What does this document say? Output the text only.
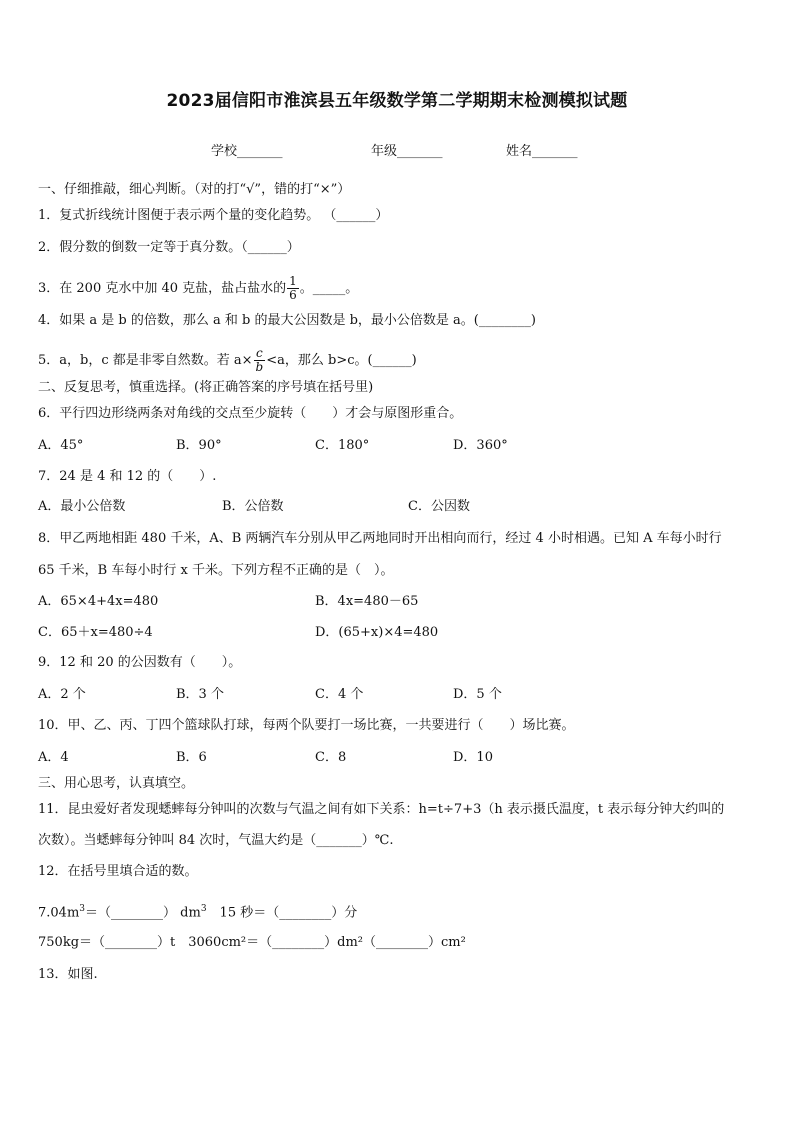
2023届信阳市淮滨县五年级数学第二学期期末检测模拟试题
学校_______	年级_______	姓名_______
一、仔细推敲，细心判断。（对的打“√”，错的打“×”）
1．复式折线统计图便于表示两个量的变化趋势。 （______）
2．假分数的倒数一定等于真分数。（______）
3．在 200 克水中加 40 克盐，盐占盐水的 $\frac{1}{6}$ 。_____。
4．如果 a 是 b 的倍数，那么 a 和 b 的最大公因数是 b，最小公倍数是 a。(________)
5．a，b，c 都是非零自然数。若 $a\times \frac{c}{b} <a$，那么 b>c。(______)
二、反复思考，慎重选择。(将正确答案的序号填在括号里)
6．平行四边形绕两条对角线的交点至少旋转（　　）才会与原图形重合。
A．45°	B．90°	C．180°	D．360°
7．24 是 4 和 12 的（　　）.
A．最小公倍数	B．公倍数	C．公因数
8．甲乙两地相距 480 千米，A、B 两辆汽车分别从甲乙两地同时开出相向而行，经过 4 小时相遇。已知 A 车每小时行
65 千米，B 车每小时行 x 千米。下列方程不正确的是（　）。
A．65×4+4x=480	B．4x=480－65
C．65＋x=480÷4	D．(65+x)×4=480
9．12 和 20 的公因数有（　　）。
A．2 个	B．3 个	C．4 个	D．5 个
10．甲、乙、丙、丁四个篮球队打球，每两个队要打一场比赛，一共要进行（　　）场比赛。
A．4	B．6	C．8	D．10
三、用心思考，认真填空。
11．昆虫爱好者发现蟋蟀每分钟叫的次数与气温之间有如下关系：h=t÷7+3（h 表示摄氏温度，t 表示每分钟大约叫的
次数）。当蟋蟀每分钟叫 84 次时，气温大约是（_______）℃.
12．在括号里填合适的数。
$7.04m^3=(\_\_\_\_\_\_\_\_)$ $dm^3$　15 秒＝（________）分
750kg＝（________）t　3060cm²＝（________）dm²（________）cm²
13．如图.
